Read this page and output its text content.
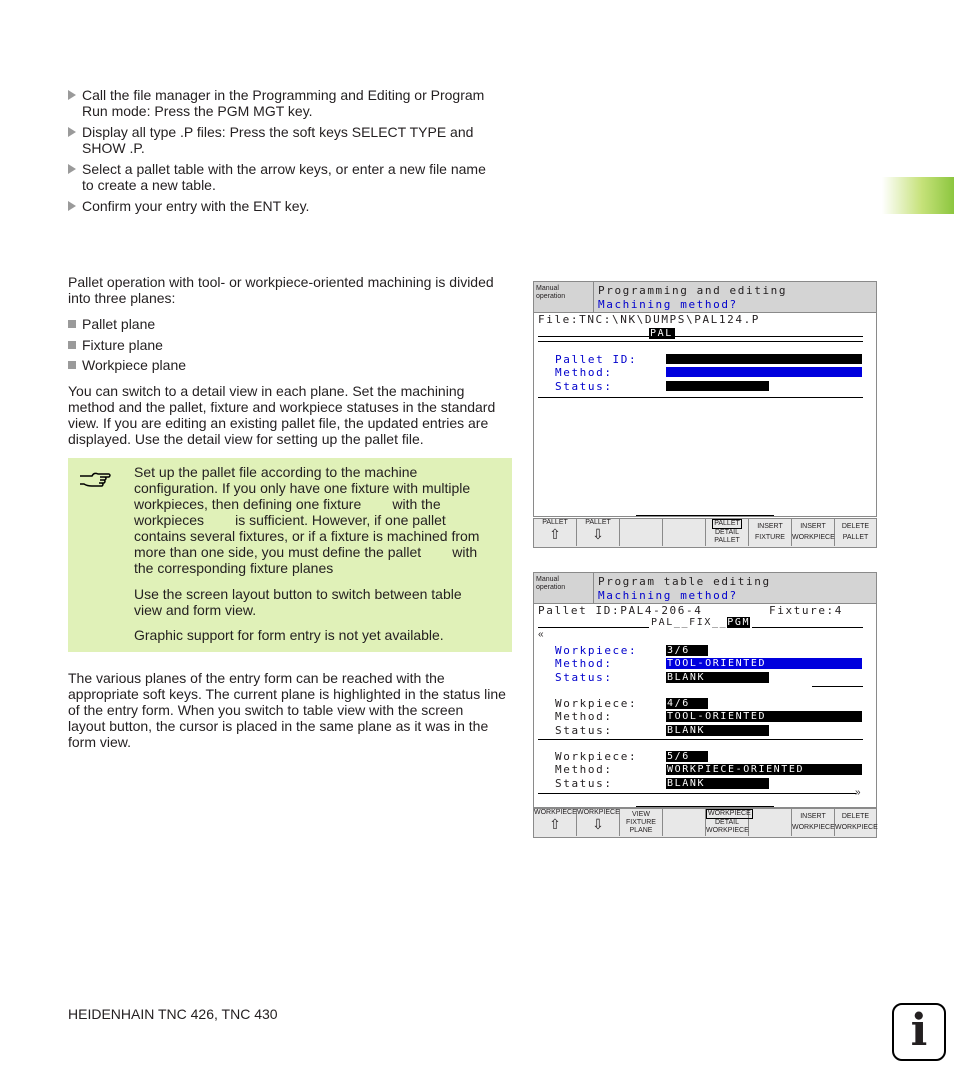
Call the file manager in the Programming and Editing or Program
Run mode: Press the PGM MGT key.
Display all type .P files: Press the soft keys SELECT TYPE and
SHOW .P.
Select a pallet table with the arrow keys, or enter a new file name
to create a new table.
Confirm your entry with the ENT key.
Pallet operation with tool- or workpiece-oriented machining is divided
into three planes:
Pallet plane
Fixture plane
Workpiece plane
You can switch to a detail view in each plane. Set the machining
method and the pallet, fixture and workpiece statuses in the standard
view. If you are editing an existing pallet file, the updated entries are
displayed. Use the detail view for setting up the pallet file.

Set up the pallet file according to the machine
configuration. If you only have one fixture with multiple
workpieces, then defining one fixture        with the
workpieces        is sufficient. However, if one pallet
contains several fixtures, or if a fixture is machined from
more than one side, you must define the pallet        with
the corresponding fixture planes

Use the screen layout button to switch between table
view and form view.

Graphic support for form entry is not yet available.

The various planes of the entry form can be reached with the
appropriate soft keys. The current plane is highlighted in the status line
of the entry form. When you switch to table view with the screen
layout button, the cursor is placed in the same plane as it was in the
form view.
Manual
operation	Programming and editing
Machining method?
File:TNC:\NK\DUMPS\PAL124.P
PAL
Pallet ID:
Method:
Status:
PALLET
⇧
PALLET
⇩
PALLET
DETAIL
PALLET
INSERT
FIXTURE
INSERT
WORKPIECE
DELETE
PALLET
Manual
operation	Program table editing
Machining method?
Pallet ID:PAL4-206-4	Fixture:4
PAL__FIX__PGM
«
Workpiece:	3/6
Method:	TOOL-ORIENTED
Status:	BLANK
Workpiece:	4/6
Method:	TOOL-ORIENTED
Status:	BLANK
Workpiece:	5/6
Method:	WORKPIECE-ORIENTED
Status:	BLANK
»
WORKPIECE
⇧
WORKPIECE
⇩
VIEW
FIXTURE
PLANE
WORKPIECE
DETAIL
WORKPIECE
INSERT
WORKPIECE
DELETE
WORKPIECE
HEIDENHAIN TNC 426, TNC 430	i
